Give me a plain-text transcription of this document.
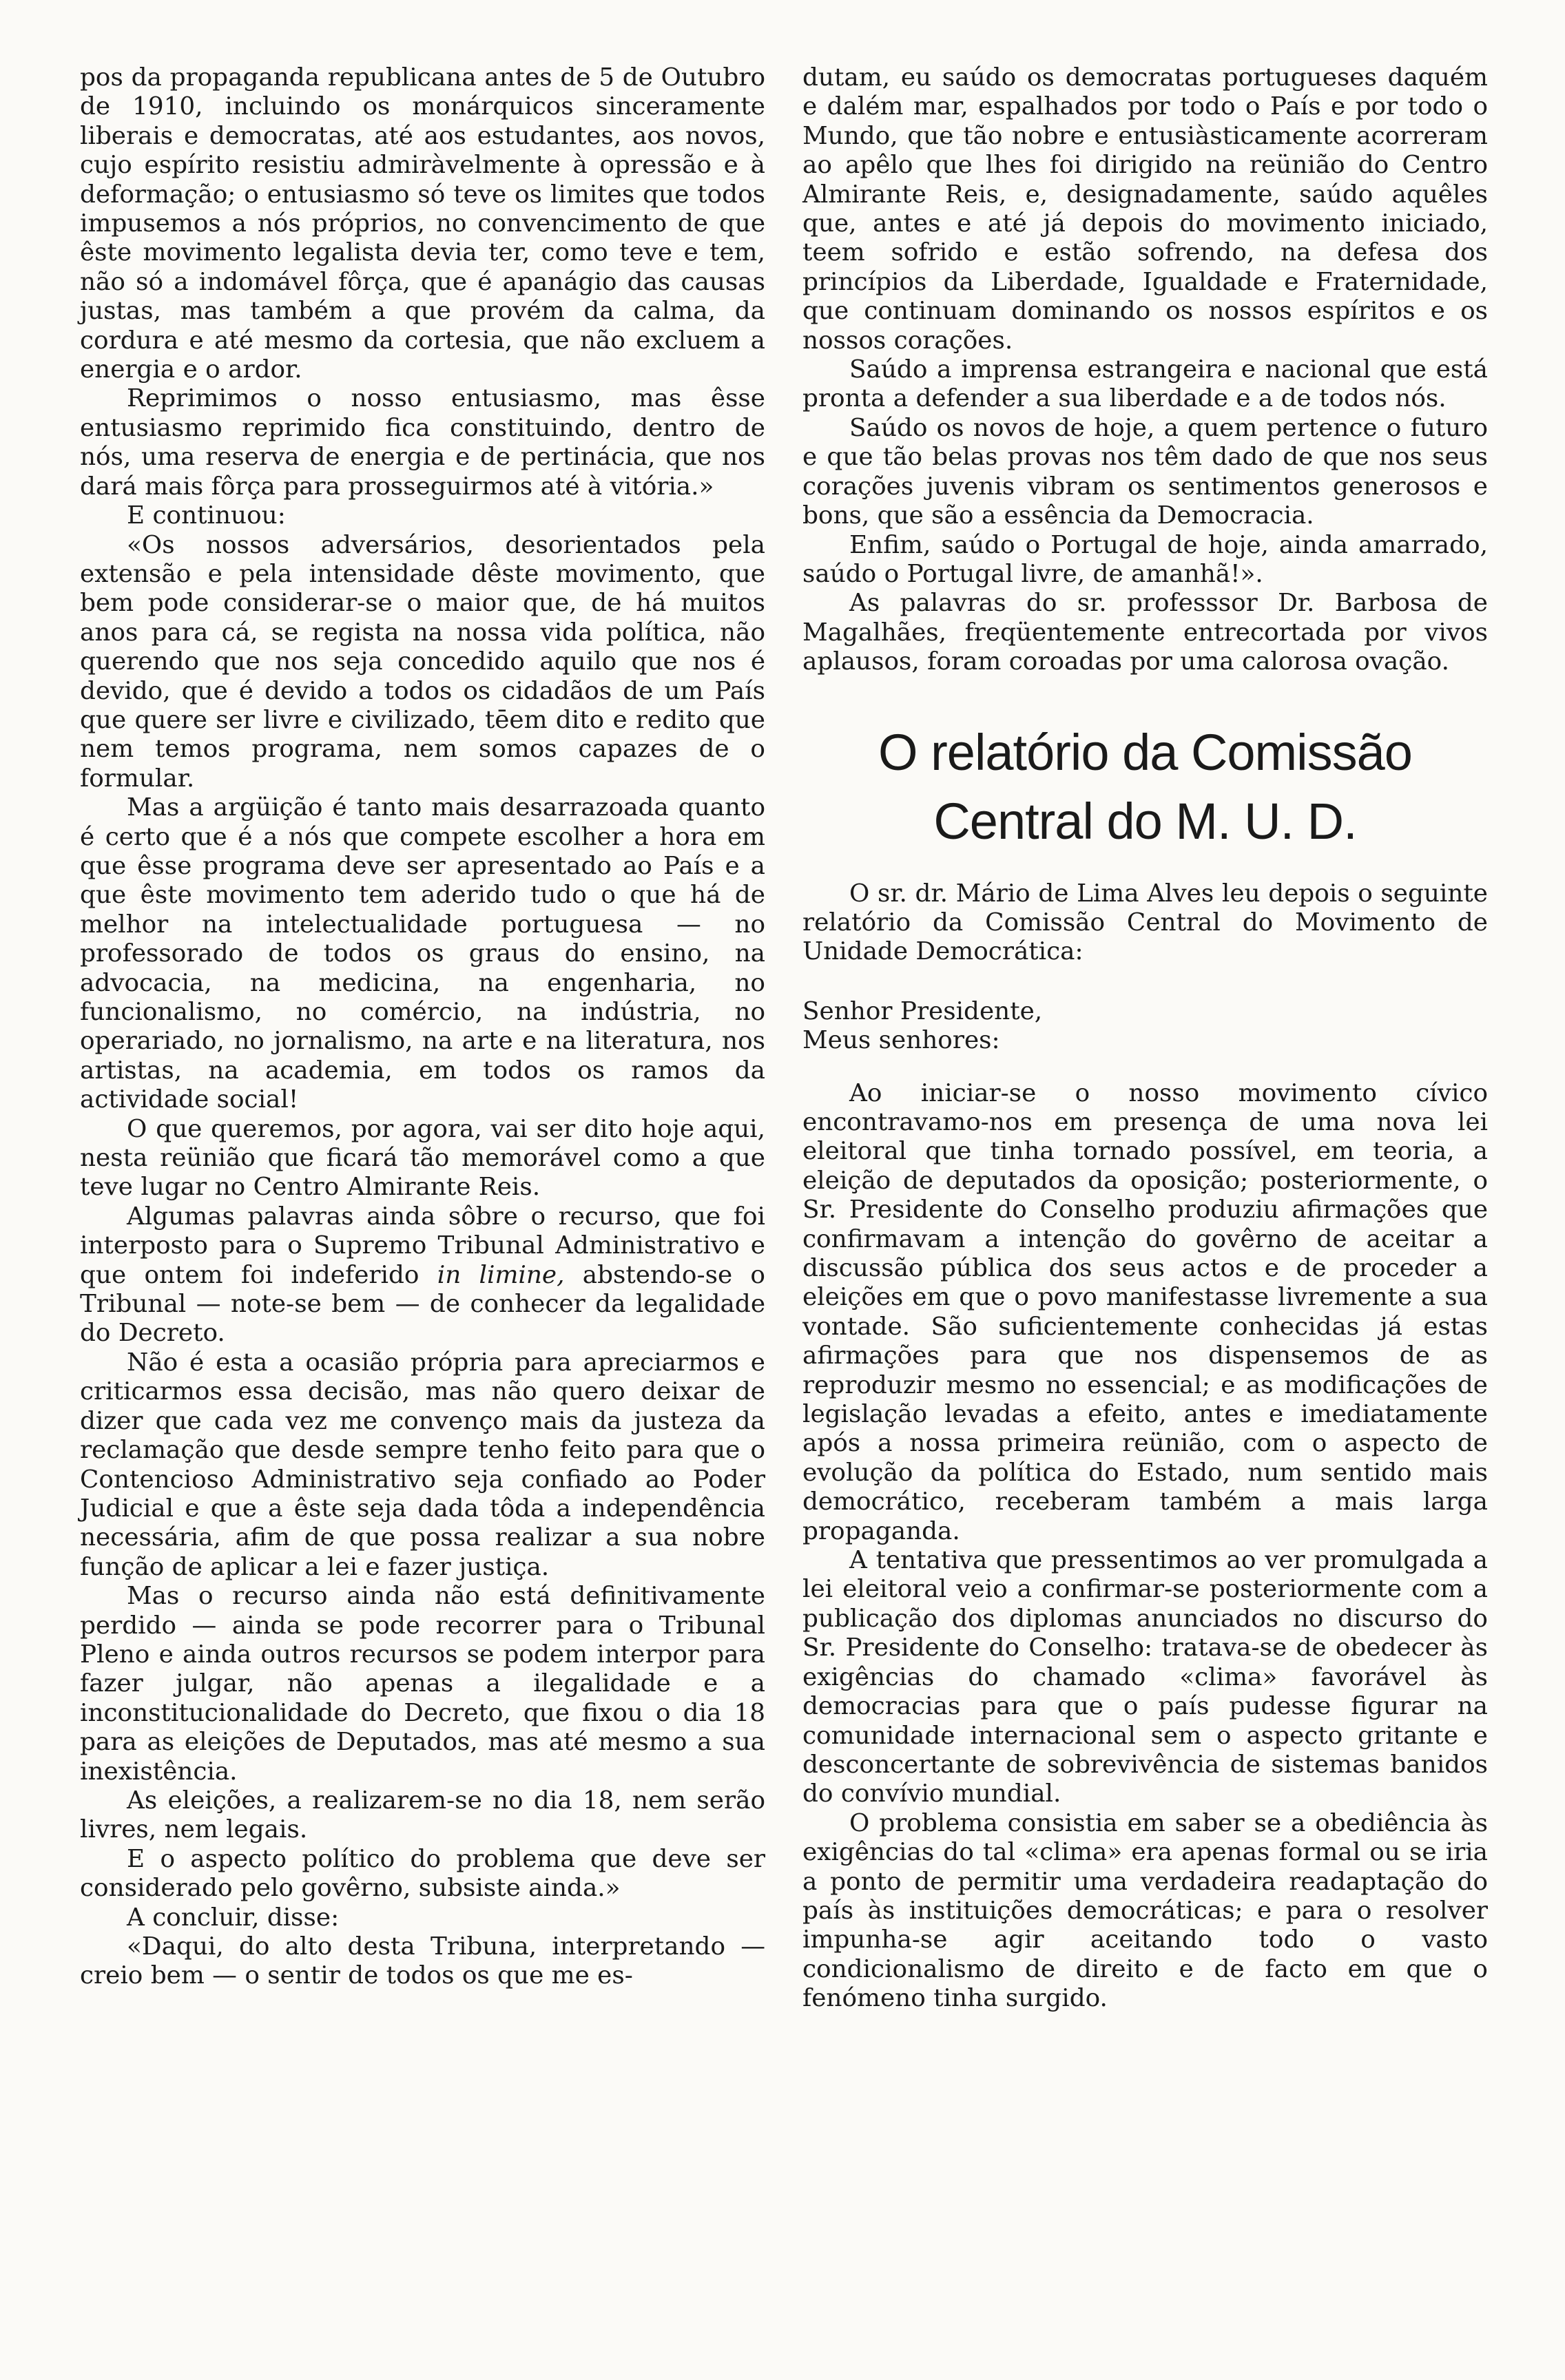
pos da propaganda republicana antes de 5 de Outubro de 1910, incluindo os monárquicos sinceramente liberais e democratas, até aos estudantes, aos novos, cujo espírito resistiu admiràvelmente à opressão e à deformação; o entusiasmo só teve os limites que todos impusemos a nós próprios, no convencimento de que êste movimento legalista devia ter, como teve e tem, não só a indomável fôrça, que é apanágio das causas justas, mas também a que provém da calma, da cordura e até mesmo da cortesia, que não excluem a energia e o ardor.

Reprimimos o nosso entusiasmo, mas êsse entusiasmo reprimido fica constituindo, dentro de nós, uma reserva de energia e de pertinácia, que nos dará mais fôrça para prosseguirmos até à vitória.»

E continuou:

«Os nossos adversários, desorientados pela extensão e pela intensidade dêste movimento, que bem pode considerar-se o maior que, de há muitos anos para cá, se regista na nossa vida política, não querendo que nos seja concedido aquilo que nos é devido, que é devido a todos os cidadãos de um País que quere ser livre e civilizado, tēem dito e redito que nem temos programa, nem somos capazes de o formular.

Mas a argüição é tanto mais desarrazoada quanto é certo que é a nós que compete escolher a hora em que êsse programa deve ser apresentado ao País e a que êste movimento tem aderido tudo o que há de melhor na intelectualidade portuguesa — no professorado de todos os graus do ensino, na advocacia, na medicina, na engenharia, no funcionalismo, no comércio, na indústria, no operariado, no jornalismo, na arte e na literatura, nos artistas, na academia, em todos os ramos da actividade social!

O que queremos, por agora, vai ser dito hoje aqui, nesta reünião que ficará tão memorável como a que teve lugar no Centro Almirante Reis.

Algumas palavras ainda sôbre o recurso, que foi interposto para o Supremo Tribunal Administrativo e que ontem foi indeferido in limine, abstendo-se o Tribunal — note-se bem — de conhecer da legalidade do Decreto.

Não é esta a ocasião própria para apreciarmos e criticarmos essa decisão, mas não quero deixar de dizer que cada vez me convenço mais da justeza da reclamação que desde sempre tenho feito para que o Contencioso Administrativo seja confiado ao Poder Judicial e que a êste seja dada tôda a independência necessária, afim de que possa realizar a sua nobre função de aplicar a lei e fazer justiça.

Mas o recurso ainda não está definitivamente perdido — ainda se pode recorrer para o Tribunal Pleno e ainda outros recursos se podem interpor para fazer julgar, não apenas a ilegalidade e a inconstitucionalidade do Decreto, que fixou o dia 18 para as eleições de Deputados, mas até mesmo a sua inexistência.

As eleições, a realizarem-se no dia 18, nem serão livres, nem legais.

E o aspecto político do problema que deve ser considerado pelo govêrno, subsiste ainda.»

A concluir, disse:

«Daqui, do alto desta Tribuna, interpretando — creio bem — o sentir de todos os que me es-

dutam, eu saúdo os democratas portugueses daquém e dalém mar, espalhados por todo o País e por todo o Mundo, que tão nobre e entusiàsticamente acorreram ao apêlo que lhes foi dirigido na reünião do Centro Almirante Reis, e, designadamente, saúdo aquêles que, antes e até já depois do movimento iniciado, teem sofrido e estão sofrendo, na defesa dos princípios da Liberdade, Igualdade e Fraternidade, que continuam dominando os nossos espíritos e os nossos corações.

Saúdo a imprensa estrangeira e nacional que está pronta a defender a sua liberdade e a de todos nós.

Saúdo os novos de hoje, a quem pertence o futuro e que tão belas provas nos têm dado de que nos seus corações juvenis vibram os sentimentos generosos e bons, que são a essência da Democracia.

Enfim, saúdo o Portugal de hoje, ainda amarrado, saúdo o Portugal livre, de amanhã!».

As palavras do sr. professsor Dr. Barbosa de Magalhães, freqüentemente entrecortada por vivos aplausos, foram coroadas por uma calorosa ovação.

O relatório da Comissão Central do M. U. D.

O sr. dr. Mário de Lima Alves leu depois o seguinte relatório da Comissão Central do Movimento de Unidade Democrática:

Senhor Presidente,
Meus senhores:

Ao iniciar-se o nosso movimento cívico encontravamo-nos em presença de uma nova lei eleitoral que tinha tornado possível, em teoria, a eleição de deputados da oposição; posteriormente, o Sr. Presidente do Conselho produziu afirmações que confirmavam a intenção do govêrno de aceitar a discussão pública dos seus actos e de proceder a eleições em que o povo manifestasse livremente a sua vontade. São suficientemente conhecidas já estas afirmações para que nos dispensemos de as reproduzir mesmo no essencial; e as modificações de legislação levadas a efeito, antes e imediatamente após a nossa primeira reünião, com o aspecto de evolução da política do Estado, num sentido mais democrático, receberam também a mais larga propaganda.

A tentativa que pressentimos ao ver promulgada a lei eleitoral veio a confirmar-se posteriormente com a publicação dos diplomas anunciados no discurso do Sr. Presidente do Conselho: tratava-se de obedecer às exigências do chamado «clima» favorável às democracias para que o país pudesse figurar na comunidade internacional sem o aspecto gritante e desconcertante de sobrevivência de sistemas banidos do convívio mundial.

O problema consistia em saber se a obediência às exigências do tal «clima» era apenas formal ou se iria a ponto de permitir uma verdadeira readaptação do país às instituições democráticas; e para o resolver impunha-se agir aceitando todo o vasto condicionalismo de direito e de facto em que o fenómeno tinha surgido.
